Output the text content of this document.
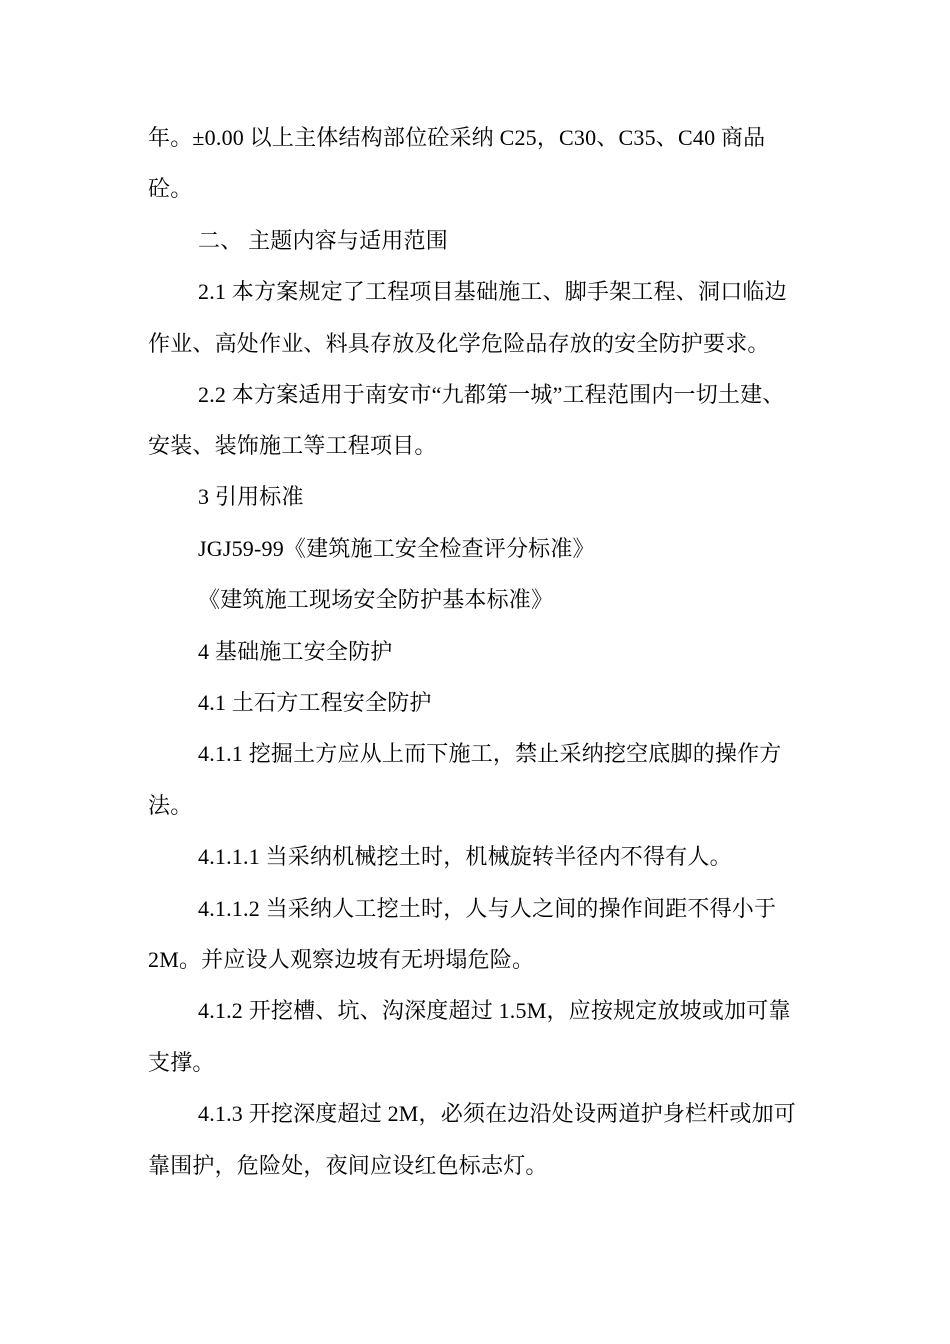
年。±0.00 以上主体结构部位砼采纳 C25，C30、C35、C40 商品
砼。
二、 主题内容与适用范围
2.1 本方案规定了工程项目基础施工、脚手架工程、洞口临边
作业、高处作业、料具存放及化学危险品存放的安全防护要求。
2.2 本方案适用于南安市“九都第一城”工程范围内一切土建、
安装、装饰施工等工程项目。
3 引用标准
JGJ59-99《建筑施工安全检查评分标准》
《建筑施工现场安全防护基本标准》
4 基础施工安全防护
4.1 土石方工程安全防护
4.1.1 挖掘土方应从上而下施工，禁止采纳挖空底脚的操作方
法。
4.1.1.1 当采纳机械挖土时，机械旋转半径内不得有人。
4.1.1.2 当采纳人工挖土时，人与人之间的操作间距不得小于
2M。并应设人观察边坡有无坍塌危险。
4.1.2 开挖槽、坑、沟深度超过 1.5M，应按规定放坡或加可靠
支撑。
4.1.3 开挖深度超过 2M，必须在边沿处设两道护身栏杆或加可
靠围护，危险处，夜间应设红色标志灯。
